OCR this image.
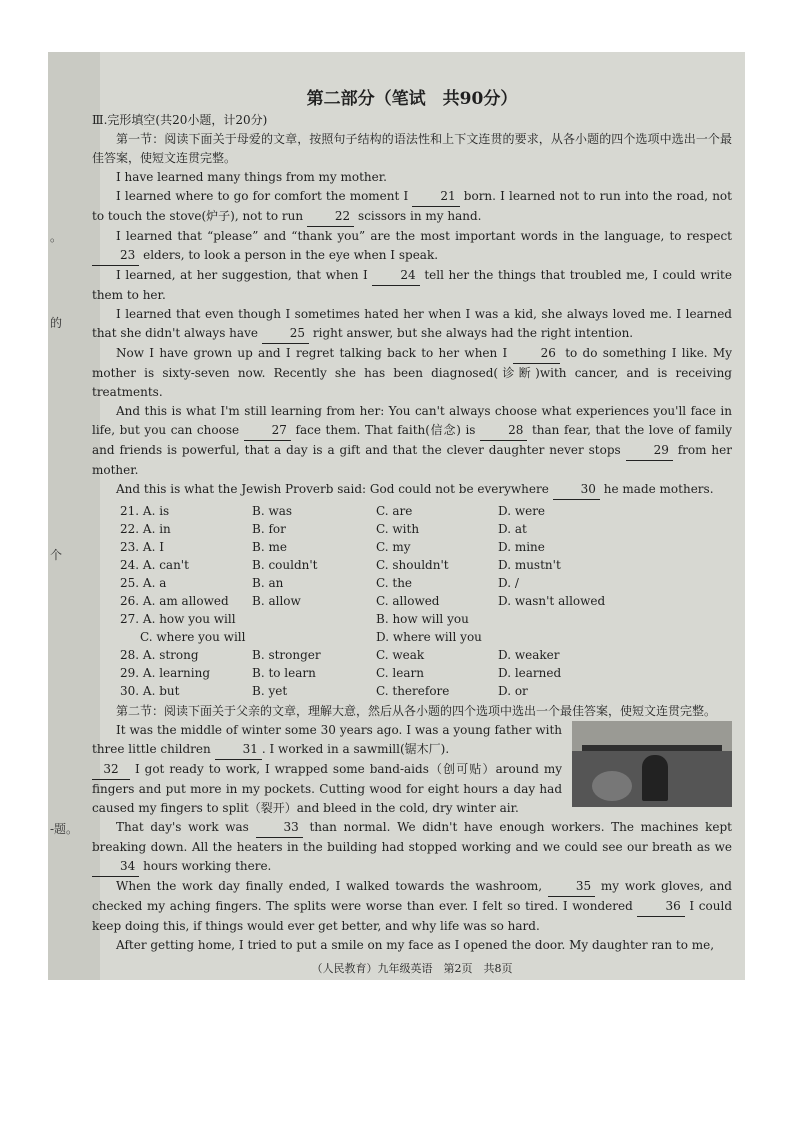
。
的
个
-题。
第二部分（笔试　共90分）
Ⅲ.完形填空(共20小题，计20分)

第一节：阅读下面关于母爱的文章，按照句子结构的语法性和上下文连贯的要求，从各小题的四个选项中选出一个最佳答案，使短文连贯完整。

I have learned many things from my mother.

I learned where to go for comfort the moment I	21 born. I learned not to run into the road, not to touch the stove(炉子), not to run	22 scissors in my hand.

I learned that “please” and “thank you” are the most important words in the language, to respect 23 elders, to look a person in the eye when I speak.

I learned, at her suggestion, that when I	24 tell her the things that troubled me, I could write them to her.

I learned that even though I sometimes hated her when I was a kid, she always loved me. I learned that she didn't always have	25 right answer, but she always had the right intention.

Now I have grown up and I regret talking back to her when I	26 to do something I like. My mother is sixty-seven now. Recently she has been diagnosed(诊断)with cancer, and is receiving treatments.

And this is what I'm still learning from her: You can't always choose what experiences you'll face in life, but you can choose	27 face them. That faith(信念) is	28 than fear, that the love of family and friends is powerful, that a day is a gift and that the clever daughter never stops	29 from her mother.

And this is what the Jewish Proverb said: God could not be everywhere	30 he made mothers.

21. A. is	B. was	C. are	D. were
22. A. in	B. for	C. with	D. at
23. A. I	B. me	C. my	D. mine
24. A. can't	B. couldn't	C. shouldn't	D. mustn't
25. A. a	B. an	C. the	D. /
26. A. am allowed	B. allow	C. allowed	D. wasn't allowed
27. A. how you will	B. how will you
C. where you will	D. where will you
28. A. strong	B. stronger	C. weak	D. weaker
29. A. learning	B. to learn	C. learn	D. learned
30. A. but	B. yet	C. therefore	D. or

第二节：阅读下面关于父亲的文章，理解大意，然后从各小题的四个选项中选出一个最佳答案，使短文连贯完整。

It was the middle of winter some 30 years ago. I was a young father with three little children	31 . I worked in a sawmill(锯木厂).

32 I got ready to work, I wrapped some band-aids（创可贴）around my fingers and put more in my pockets. Cutting wood for eight hours a day had caused my fingers to split（裂开）and bleed in the cold, dry winter air.

That day's work was	33 than normal. We didn't have enough workers. The machines kept breaking down. All the heaters in the building had stopped working and we could see our breath as we 34 hours working there.

When the work day finally ended, I walked towards the washroom,	35 my work gloves, and checked my aching fingers. The splits were worse than ever. I felt so tired. I wondered	36 I could keep doing this, if things would ever get better, and why life was so hard.

After getting home, I tried to put a smile on my face as I opened the door. My daughter ran to me,

（人民教育）九年级英语　第2页　共8页
